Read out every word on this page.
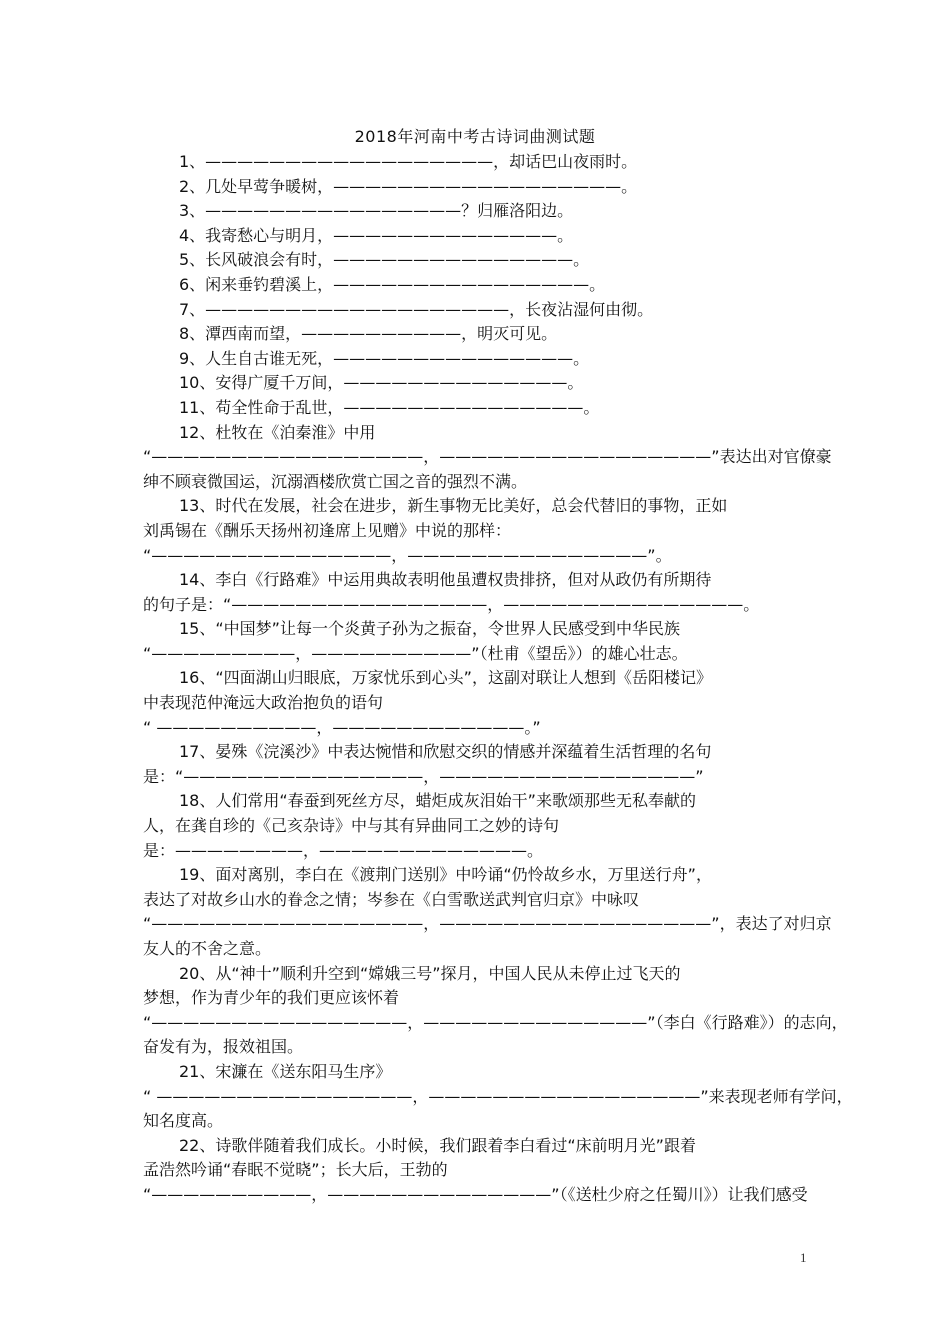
2018年河南中考古诗词曲测试题

1、——————————————————，却话巴山夜雨时。

2、几处早莺争暖树，——————————————————。

3、————————————————？归雁洛阳边。

4、我寄愁心与明月，——————————————。

5、长风破浪会有时，———————————————。

6、闲来垂钓碧溪上，————————————————。

7、———————————————————，长夜沾湿何由彻。

8、潭西南而望，——————————，明灭可见。

9、人生自古谁无死，———————————————。

10、安得广厦千万间，——————————————。

11、苟全性命于乱世，———————————————。

12、杜牧在《泊秦淮》中用

“—————————————————，—————————————————”表达出对官僚豪
绅不顾衰微国运，沉溺酒楼欣赏亡国之音的强烈不满。
13、时代在发展，社会在进步，新生事物无比美好，总会代替旧的事物，正如
刘禹锡在《酬乐天扬州初逢席上见赠》中说的那样：
“———————————————，———————————————”。
14、李白《行路难》中运用典故表明他虽遭权贵排挤，但对从政仍有所期待
的句子是：“————————————————，———————————————。
15、“中国梦”让每一个炎黄子孙为之振奋，令世界人民感受到中华民族
“—————————，——————————”（杜甫《望岳》）的雄心壮志。
16、“四面湖山归眼底，万家忧乐到心头”，这副对联让人想到《岳阳楼记》
中表现范仲淹远大政治抱负的语句
“ ——————————，————————————。”
17、晏殊《浣溪沙》中表达惋惜和欣慰交织的情感并深蕴着生活哲理的名句
是：“———————————————，————————————————”
18、人们常用“春蚕到死丝方尽，蜡炬成灰泪始干”来歌颂那些无私奉献的
人，在龚自珍的《己亥杂诗》中与其有异曲同工之妙的诗句
是：————————，—————————————。
19、面对离别，李白在《渡荆门送别》中吟诵“仍怜故乡水，万里送行舟”，
表达了对故乡山水的眷念之情；岑参在《白雪歌送武判官归京》中咏叹
“—————————————————，—————————————————”，表达了对归京
友人的不舍之意。
20、从“神十”顺利升空到“嫦娥三号”探月，中国人民从未停止过飞天的
梦想，作为青少年的我们更应该怀着
“————————————————，——————————————”（李白《行路难》）的志向，
奋发有为，报效祖国。
21、宋濂在《送东阳马生序》
“ ————————————————，—————————————————”来表现老师有学问，
知名度高。
22、诗歌伴随着我们成长。小时候，我们跟着李白看过“床前明月光”跟着
孟浩然吟诵“春眠不觉晓”；长大后，王勃的
“——————————，——————————————”（《送杜少府之任蜀川》）让我们感受
1
